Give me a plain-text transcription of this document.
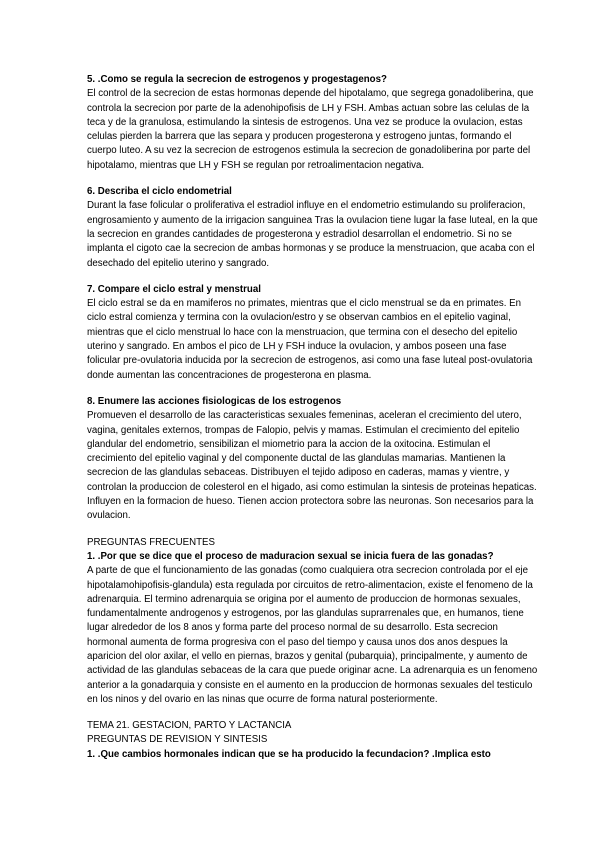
5. .Como se regula la secrecion de estrogenos y progestagenos?

El control de la secrecion de estas hormonas depende del hipotalamo, que segrega gonadoliberina, que controla la secrecion por parte de la adenohipofisis de LH y FSH. Ambas actuan sobre las celulas de la teca y de la granulosa, estimulando la sintesis de estrogenos. Una vez se produce la ovulacion, estas celulas pierden la barrera que las separa y producen progesterona y estrogeno juntas, formando el cuerpo luteo. A su vez la secrecion de estrogenos estimula la secrecion de gonadoliberina por parte del hipotalamo, mientras que LH y FSH se regulan por retroalimentacion negativa.

6. Describa el ciclo endometrial

Durant la fase folicular o proliferativa el estradiol influye en el endometrio estimulando su proliferacion, engrosamiento y aumento de la irrigacion sanguinea Tras la ovulacion tiene lugar la fase luteal, en la que la secrecion en grandes cantidades de progesterona y estradiol desarrollan el endometrio. Si no se implanta el cigoto cae la secrecion de ambas hormonas y se produce la menstruacion, que acaba con el desechado del epitelio uterino y sangrado.

7. Compare el ciclo estral y menstrual

El ciclo estral se da en mamiferos no primates, mientras que el ciclo menstrual se da en primates. En ciclo estral comienza y termina con la ovulacion/estro y se observan cambios en el epitelio vaginal, mientras que el ciclo menstrual lo hace con la menstruacion, que termina con el desecho del epitelio uterino y sangrado. En ambos el pico de LH y FSH induce la ovulacion, y ambos poseen una fase folicular pre-ovulatoria inducida por la secrecion de estrogenos, asi como una fase luteal post-ovulatoria donde aumentan las concentraciones de progesterona en plasma.

8. Enumere las acciones fisiologicas de los estrogenos

Promueven el desarrollo de las caracteristicas sexuales femeninas, aceleran el crecimiento del utero, vagina, genitales externos, trompas de Falopio, pelvis y mamas. Estimulan el crecimiento del epitelio glandular del endometrio, sensibilizan el miometrio para la accion de la oxitocina. Estimulan el crecimiento del epitelio vaginal y del componente ductal de las glandulas mamarias. Mantienen la secrecion de las glandulas sebaceas. Distribuyen el tejido adiposo en caderas, mamas y vientre, y controlan la produccion de colesterol en el higado, asi como estimulan la sintesis de proteinas hepaticas. Influyen en la formacion de hueso. Tienen accion protectora sobre las neuronas. Son necesarios para la ovulacion.

PREGUNTAS FRECUENTES

1. .Por que se dice que el proceso de maduracion sexual se inicia fuera de las gonadas?

A parte de que el funcionamiento de las gonadas (como cualquiera otra secrecion controlada por el eje hipotalamohipofisis-glandula) esta regulada por circuitos de retro-alimentacion, existe el fenomeno de la adrenarquia. El termino adrenarquia se origina por el aumento de produccion de hormonas sexuales, fundamentalmente androgenos y estrogenos, por las glandulas suprarrenales que, en humanos, tiene lugar alrededor de los 8 anos y forma parte del proceso normal de su desarrollo. Esta secrecion hormonal aumenta de forma progresiva con el paso del tiempo y causa unos dos anos despues la aparicion del olor axilar, el vello en piernas, brazos y genital (pubarquia), principalmente, y aumento de actividad de las glandulas sebaceas de la cara que puede originar acne. La adrenarquia es un fenomeno anterior a la gonadarquia y consiste en el aumento en la produccion de hormonas sexuales del testiculo en los ninos y del ovario en las ninas que ocurre de forma natural posteriormente.

TEMA 21. GESTACION, PARTO Y LACTANCIA

PREGUNTAS DE REVISION Y SINTESIS

1. .Que cambios hormonales indican que se ha producido la fecundacion? .Implica esto
